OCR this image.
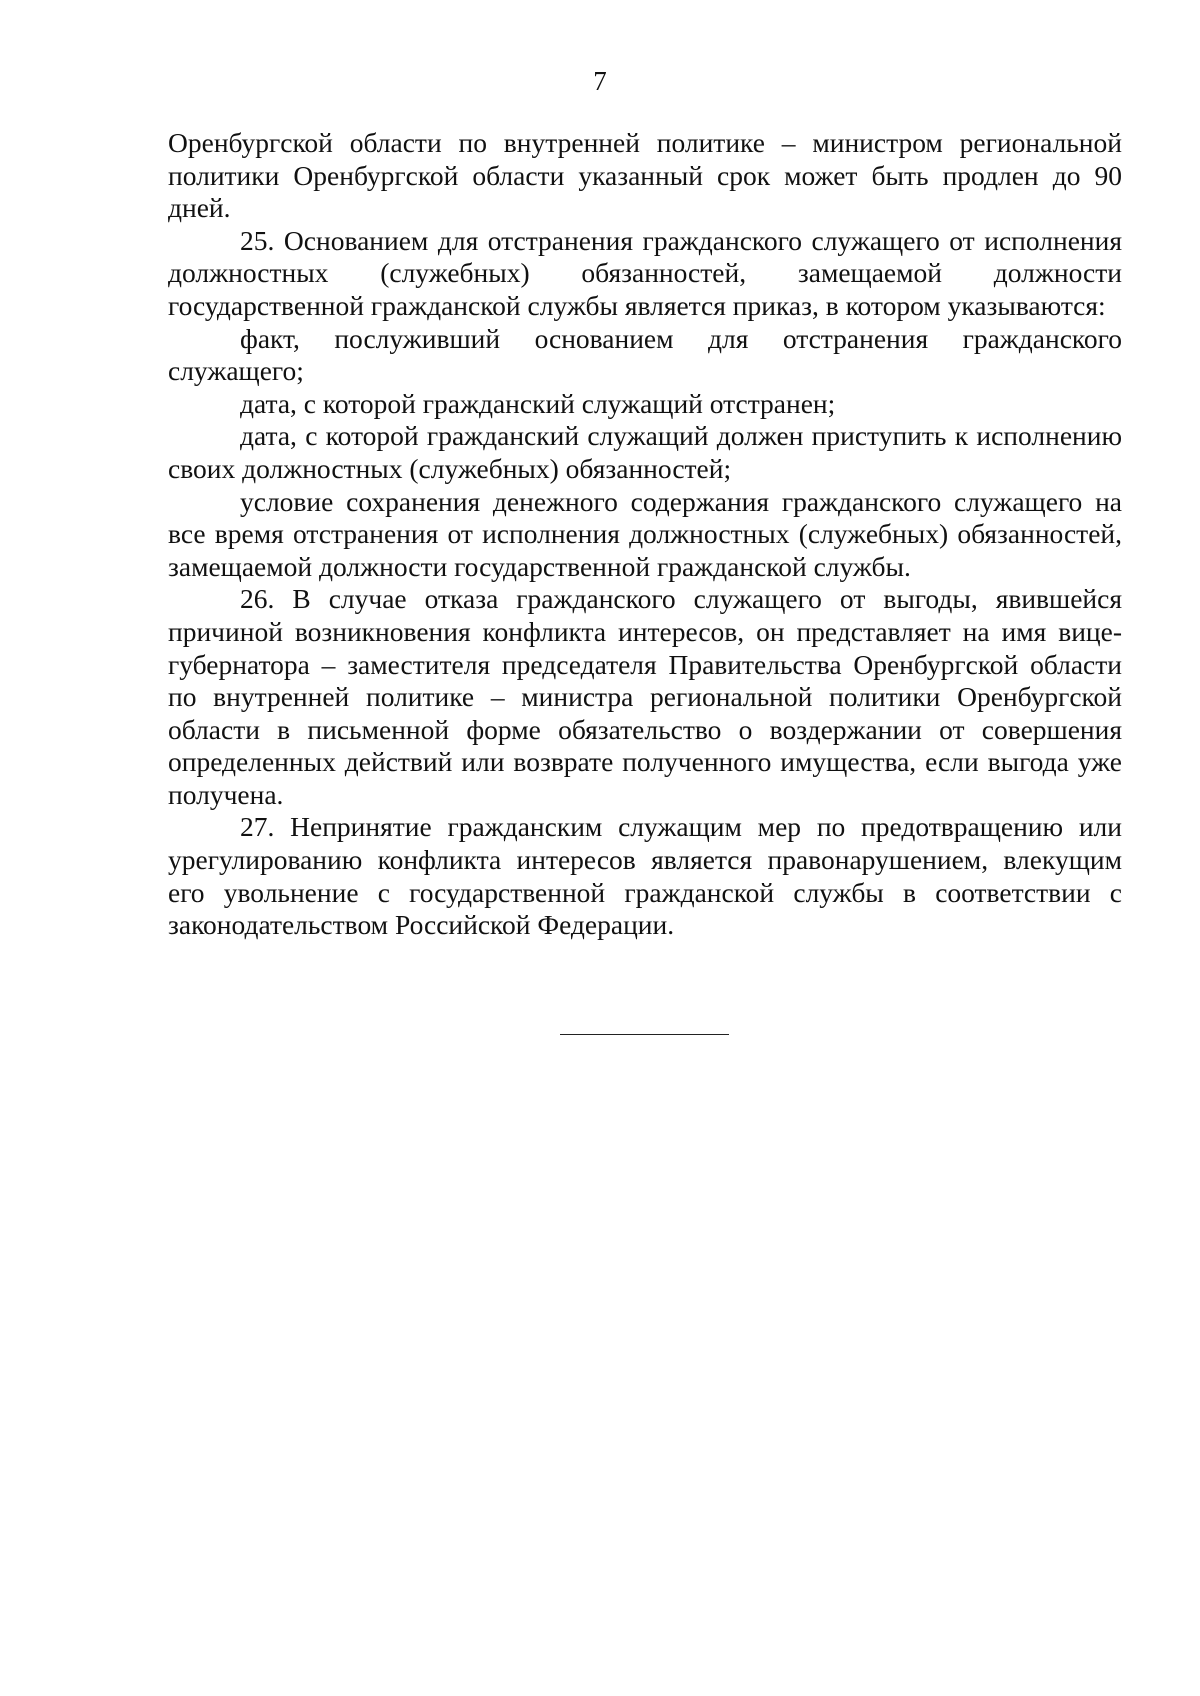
7

Оренбургской области по внутренней политике – министром региональной политики Оренбургской области указанный срок может быть продлен до 90 дней.

25. Основанием для отстранения гражданского служащего от исполнения должностных (служебных) обязанностей, замещаемой должности государственной гражданской службы является приказ, в котором указываются:

факт, послуживший основанием для отстранения гражданского служащего;

дата, с которой гражданский служащий отстранен;

дата, с которой гражданский служащий должен приступить к исполнению своих должностных (служебных) обязанностей;

условие сохранения денежного содержания гражданского служащего на все время отстранения от исполнения должностных (служебных) обязанностей, замещаемой должности государственной гражданской службы.

26. В случае отказа гражданского служащего от выгоды, явившейся причиной возникновения конфликта интересов, он представляет на имя вице-губернатора – заместителя председателя Правительства Оренбургской области по внутренней политике – министра региональной политики Оренбургской области в письменной форме обязательство о воздержании от совершения определенных действий или возврате полученного имущества, если выгода уже получена.

27. Непринятие гражданским служащим мер по предотвращению или урегулированию конфликта интересов является правонарушением, влекущим его увольнение с государственной гражданской службы в соответствии с законодательством Российской Федерации.
